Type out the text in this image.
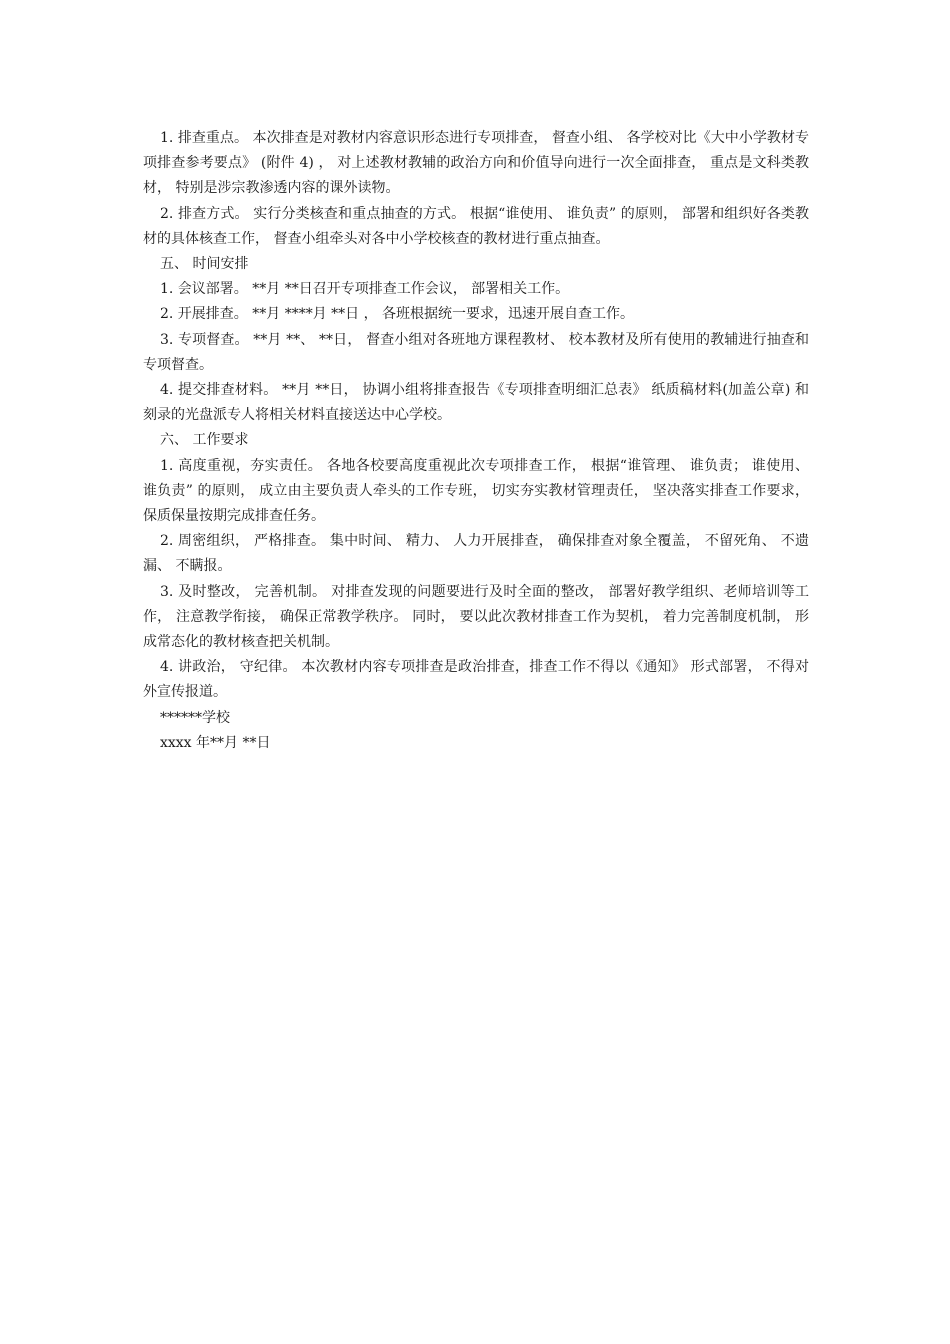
1. 排查重点。 本次排查是对教材内容意识形态进行专项排查， 督查小组、 各学校对比《大中小学教材专项排查参考要点》 (附件 4) ， 对上述教材教辅的政治方向和价值导向进行一次全面排查， 重点是文科类教材， 特别是涉宗教渗透内容的课外读物。

2. 排查方式。 实行分类核查和重点抽查的方式。 根据“谁使用、 谁负责” 的原则， 部署和组织好各类教材的具体核查工作， 督查小组牵头对各中小学校核查的教材进行重点抽查。

五、 时间安排

1. 会议部署。 **月 **日召开专项排查工作会议， 部署相关工作。

2. 开展排查。 **月 ****月 **日 ， 各班根据统一要求，迅速开展自查工作。

3. 专项督查。 **月 **、 **日， 督查小组对各班地方课程教材、 校本教材及所有使用的教辅进行抽查和专项督查。

4. 提交排查材料。 **月 **日， 协调小组将排查报告《专项排查明细汇总表》 纸质稿材料(加盖公章) 和刻录的光盘派专人将相关材料直接送达中心学校。

六、 工作要求

1. 高度重视，夯实责任。 各地各校要高度重视此次专项排查工作， 根据“谁管理、 谁负责； 谁使用、 谁负责” 的原则， 成立由主要负责人牵头的工作专班， 切实夯实教材管理责任， 坚决落实排查工作要求， 保质保量按期完成排查任务。

2. 周密组织， 严格排查。 集中时间、 精力、 人力开展排查， 确保排查对象全覆盖， 不留死角、 不遗漏、 不瞒报。

3. 及时整改， 完善机制。 对排查发现的问题要进行及时全面的整改， 部署好教学组织、老师培训等工作， 注意教学衔接， 确保正常教学秩序。 同时， 要以此次教材排查工作为契机， 着力完善制度机制， 形成常态化的教材核查把关机制。

4. 讲政治， 守纪律。 本次教材内容专项排查是政治排查，排查工作不得以《通知》 形式部署， 不得对外宣传报道。

******学校

xxxx 年**月 **日
